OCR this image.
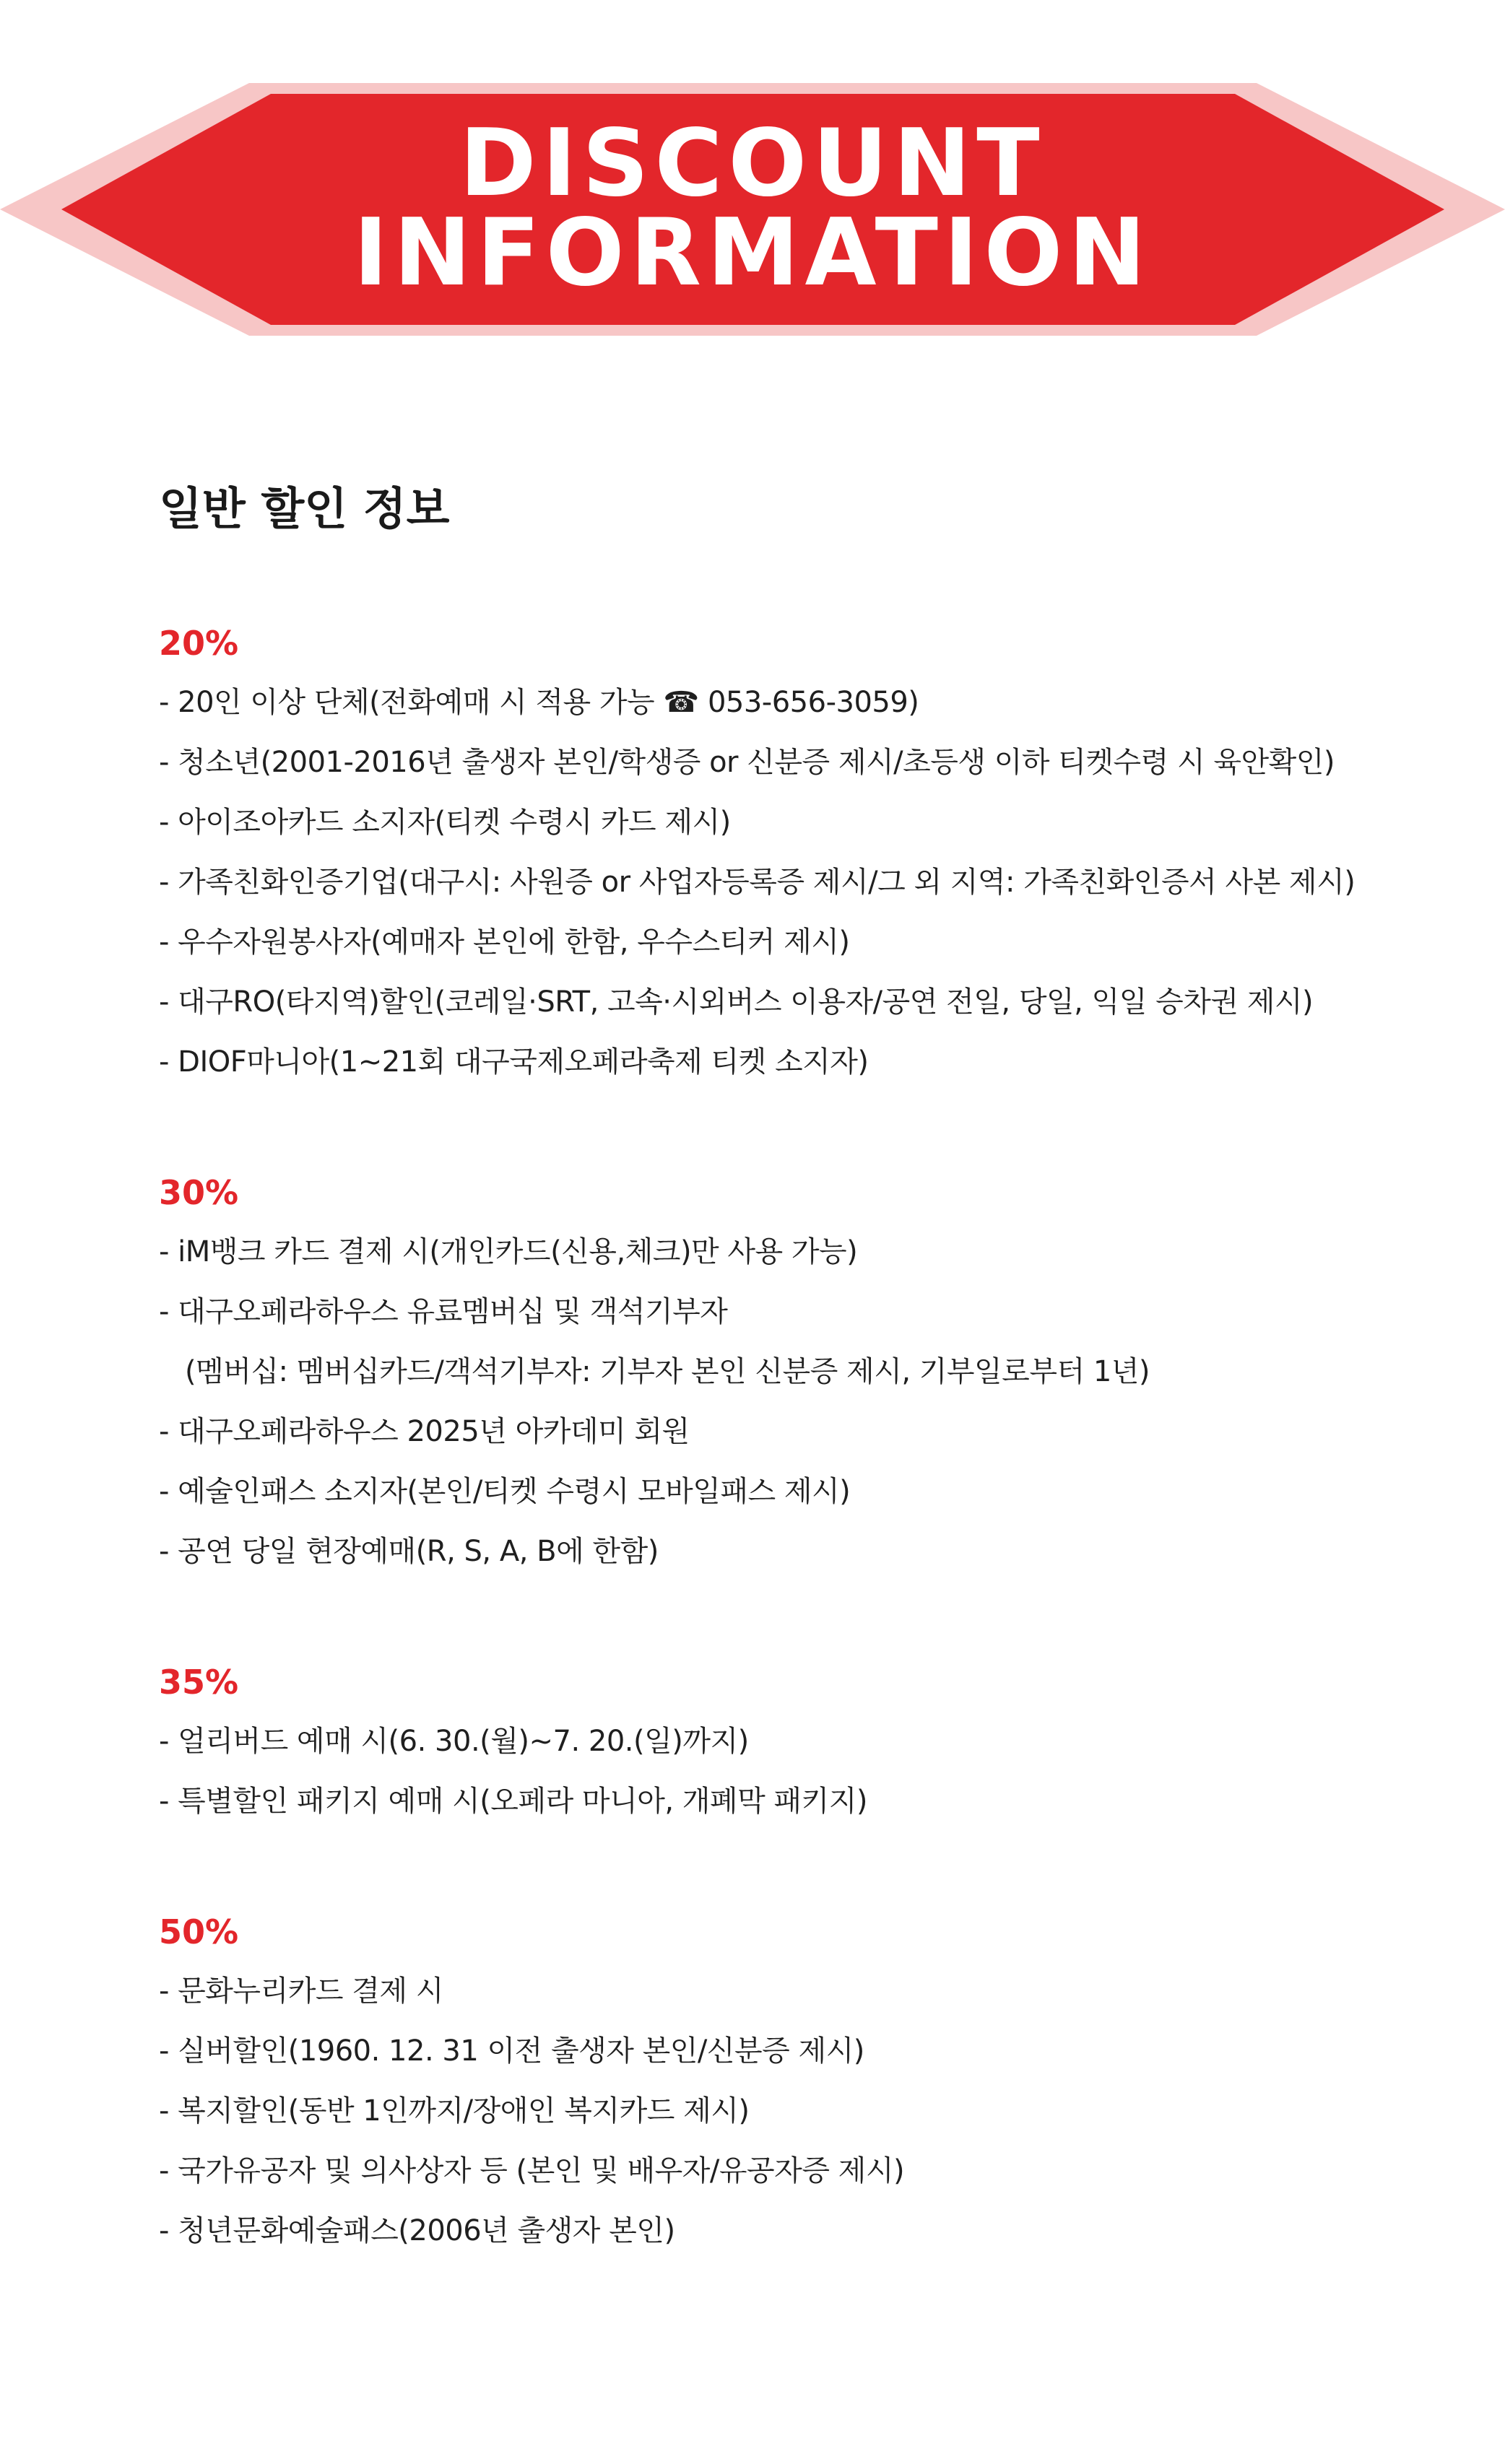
DISCOUNT
INFORMATION
일반 할인 정보

20%

- 20인 이상 단체(전화예매 시 적용 가능 ☎ 053-656-3059)
- 청소년(2001-2016년 출생자 본인/학생증 or 신분증 제시/초등생 이하 티켓수령 시 육안확인)
- 아이조아카드 소지자(티켓 수령시 카드 제시)
- 가족친화인증기업(대구시: 사원증 or 사업자등록증 제시/그 외 지역: 가족친화인증서 사본 제시)
- 우수자원봉사자(예매자 본인에 한함, 우수스티커 제시)
- 대구RO(타지역)할인(코레일·SRT, 고속·시외버스 이용자/공연 전일, 당일, 익일 승차권 제시)
- DIOF마니아(1~21회 대구국제오페라축제 티켓 소지자)

30%

- iM뱅크 카드 결제 시(개인카드(신용,체크)만 사용 가능)
- 대구오페라하우스 유료멤버십 및 객석기부자
(멤버십: 멤버십카드/객석기부자: 기부자 본인 신분증 제시, 기부일로부터 1년)
- 대구오페라하우스 2025년 아카데미 회원
- 예술인패스 소지자(본인/티켓 수령시 모바일패스 제시)
- 공연 당일 현장예매(R, S, A, B에 한함)

35%

- 얼리버드 예매 시(6. 30.(월)~7. 20.(일)까지)
- 특별할인 패키지 예매 시(오페라 마니아, 개폐막 패키지)

50%

- 문화누리카드 결제 시
- 실버할인(1960. 12. 31 이전 출생자 본인/신분증 제시)
- 복지할인(동반 1인까지/장애인 복지카드 제시)
- 국가유공자 및 의사상자 등 (본인 및 배우자/유공자증 제시)
- 청년문화예술패스(2006년 출생자 본인)
